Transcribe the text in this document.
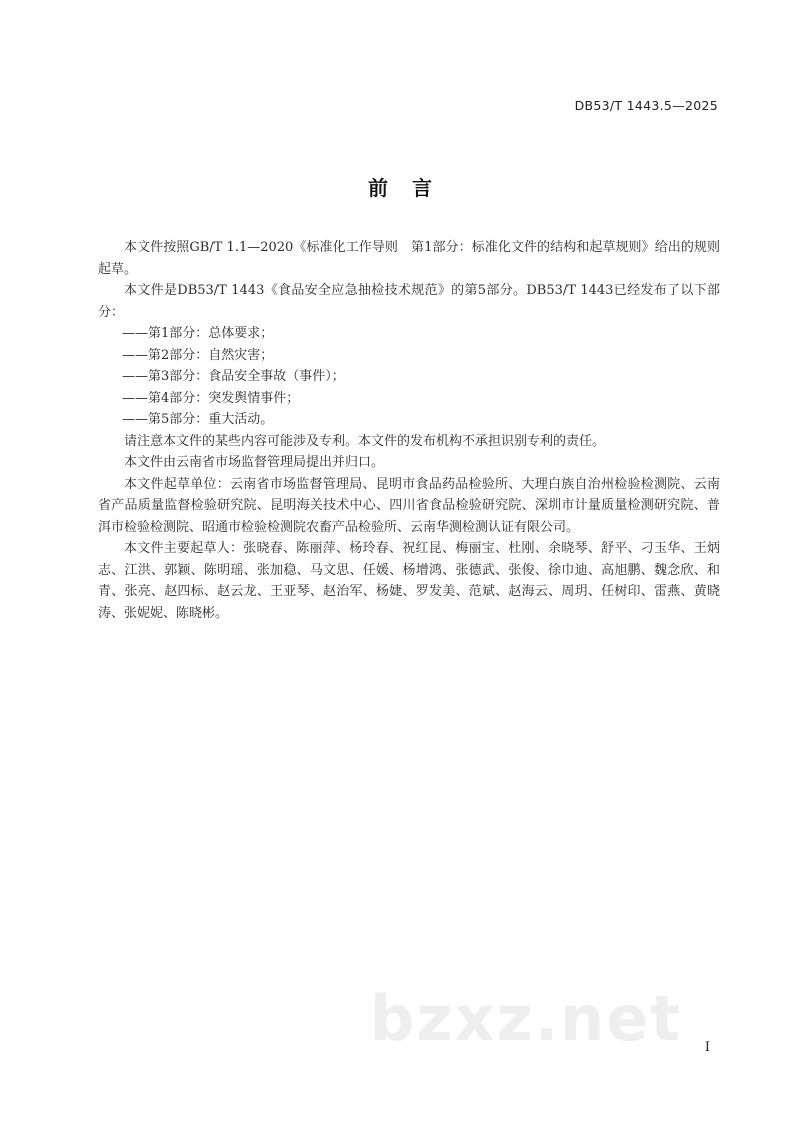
DB53/T 1443.5—2025
前言

本文件按照GB/T 1.1—2020《标准化工作导则　第1部分：标准化文件的结构和起草规则》给出的规则起草。

本文件是DB53/T 1443《食品安全应急抽检技术规范》的第5部分。DB53/T 1443已经发布了以下部分：

——第1部分：总体要求；

——第2部分：自然灾害；

——第3部分：食品安全事故（事件）；

——第4部分：突发舆情事件；

——第5部分：重大活动。

请注意本文件的某些内容可能涉及专利。本文件的发布机构不承担识别专利的责任。

本文件由云南省市场监督管理局提出并归口。

本文件起草单位：云南省市场监督管理局、昆明市食品药品检验所、大理白族自治州检验检测院、云南省产品质量监督检验研究院、昆明海关技术中心、四川省食品检验研究院、深圳市计量质量检测研究院、普洱市检验检测院、昭通市检验检测院农畜产品检验所、云南华测检测认证有限公司。

本文件主要起草人：张晓春、陈丽萍、杨玲春、祝红昆、梅丽宝、杜刚、余晓琴、舒平、刁玉华、王炳志、江洪、郭颖、陈明瑶、张加稳、马文思、任媛、杨增鸿、张德武、张俊、徐巾迪、高旭鹏、魏念欣、和青、张亮、赵四标、赵云龙、王亚琴、赵治军、杨婕、罗发美、范斌、赵海云、周玥、任树印、雷燕、黄晓涛、张妮妮、陈晓彬。

bzxz.net I
